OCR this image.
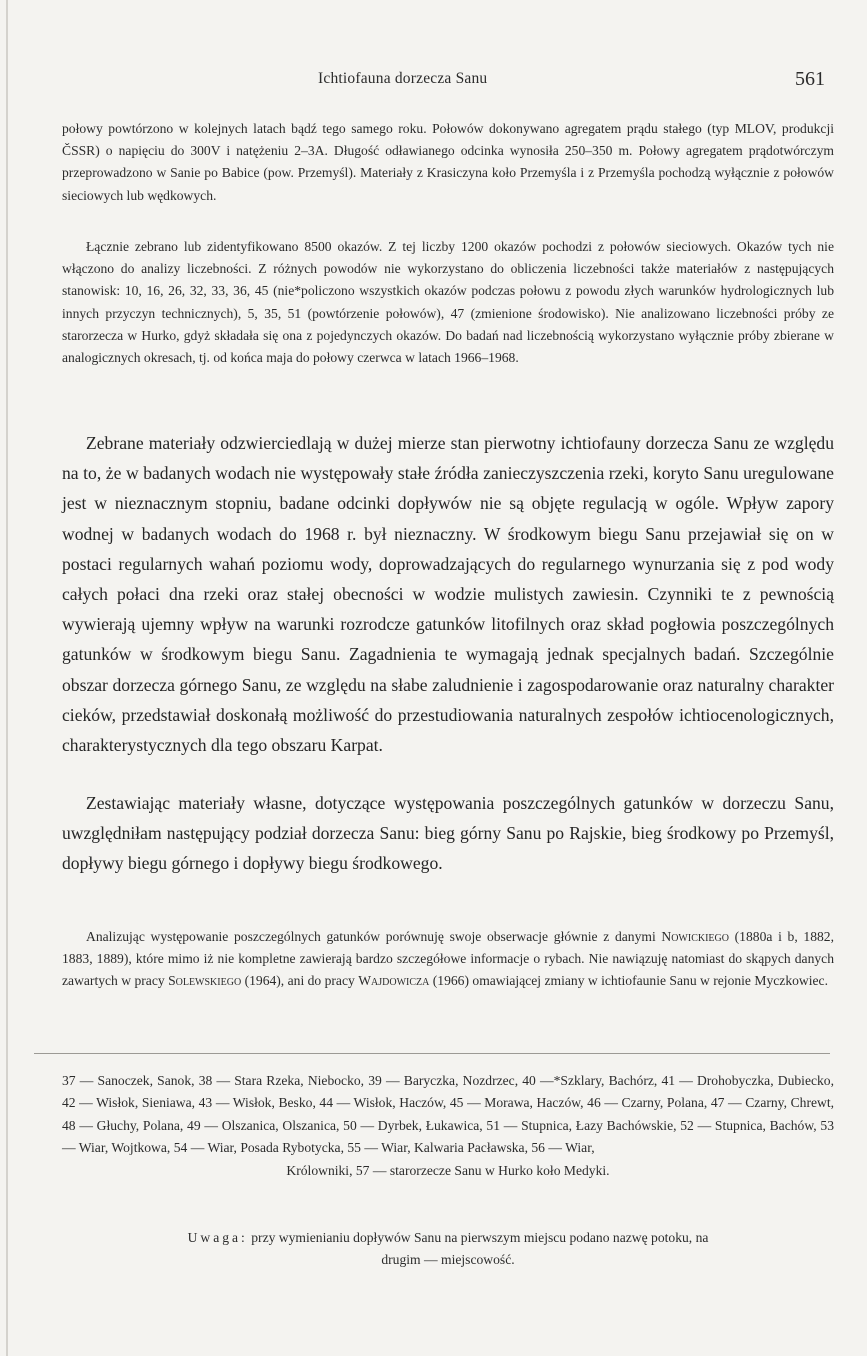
Ichtiofauna dorzecza Sanu	561

połowy powtórzono w kolejnych latach bądź tego samego roku. Połowów dokonywano agregatem prądu stałego (typ MLOV, produkcji ČSSR) o napięciu do 300V i natężeniu 2–3A. Długość odławianego odcinka wynosiła 250–350 m. Połowy agregatem prądotwórczym przeprowadzono w Sanie po Babice (pow. Przemyśl). Materiały z Krasiczyna koło Przemyśla i z Przemyśla pochodzą wyłącznie z połowów sieciowych lub wędkowych.

Łącznie zebrano lub zidentyfikowano 8500 okazów. Z tej liczby 1200 okazów pochodzi z połowów sieciowych. Okazów tych nie włączono do analizy liczebności. Z różnych powodów nie wykorzystano do obliczenia liczebności także materiałów z następujących stanowisk: 10, 16, 26, 32, 33, 36, 45 (nie*policzono wszystkich okazów podczas połowu z powodu złych warunków hydrologicznych lub innych przyczyn technicznych), 5, 35, 51 (powtórzenie połowów), 47 (zmienione środowisko). Nie analizowano liczebności próby ze starorzecza w Hurko, gdyż składała się ona z pojedynczych okazów. Do badań nad liczebnością wykorzystano wyłącznie próby zbierane w analogicznych okresach, tj. od końca maja do połowy czerwca w latach 1966–1968.

Zebrane materiały odzwierciedlają w dużej mierze stan pierwotny ichtiofauny dorzecza Sanu ze względu na to, że w badanych wodach nie występowały stałe źródła zanieczyszczenia rzeki, koryto Sanu uregulowane jest w nieznacznym stopniu, badane odcinki dopływów nie są objęte regulacją w ogóle. Wpływ zapory wodnej w badanych wodach do 1968 r. był nieznaczny. W środkowym biegu Sanu przejawiał się on w postaci regularnych wahań poziomu wody, doprowadzających do regularnego wynurzania się z pod wody całych połaci dna rzeki oraz stałej obecności w wodzie mulistych zawiesin. Czynniki te z pewnością wywierają ujemny wpływ na warunki rozrodcze gatunków litofilnych oraz skład pogłowia poszczególnych gatunków w środkowym biegu Sanu. Zagadnienia te wymagają jednak specjalnych badań. Szczególnie obszar dorzecza górnego Sanu, ze względu na słabe zaludnienie i zagospodarowanie oraz naturalny charakter cieków, przedstawiał doskonałą możliwość do przestudiowania naturalnych zespołów ichtiocenologicznych, charakterystycznych dla tego obszaru Karpat.

Zestawiając materiały własne, dotyczące występowania poszczególnych gatunków w dorzeczu Sanu, uwzględniłam następujący podział dorzecza Sanu: bieg górny Sanu po Rajskie, bieg środkowy po Przemyśl, dopływy biegu górnego i dopływy biegu środkowego.

Analizując występowanie poszczególnych gatunków porównuję swoje obserwacje głównie z danymi Nowickiego (1880a i b, 1882, 1883, 1889), które mimo iż nie kompletne zawierają bardzo szczegółowe informacje o rybach. Nie nawiązuję natomiast do skąpych danych zawartych w pracy Solewskiego (1964), ani do pracy Wajdowicza (1966) omawiającej zmiany w ichtiofaunie Sanu w rejonie Myczkowiec.

37 — Sanoczek, Sanok, 38 — Stara Rzeka, Niebocko, 39 — Baryczka, Nozdrzec, 40 —*Szklary, Bachórz, 41 — Drohobyczka, Dubiecko, 42 — Wisłok, Sieniawa, 43 — Wisłok, Besko, 44 — Wisłok, Haczów, 45 — Morawa, Haczów, 46 — Czarny, Polana, 47 — Czarny, Chrewt, 48 — Głuchy, Polana, 49 — Olszanica, Olszanica, 50 — Dyrbek, Łukawica, 51 — Stupnica, Łazy Bachówskie, 52 — Stupnica, Bachów, 53 — Wiar, Wojtkowa, 54 — Wiar, Posada Rybotycka, 55 — Wiar, Kalwaria Pacławska, 56 — Wiar,
Królowniki, 57 — starorzecze Sanu w Hurko koło Medyki.

Uwaga: przy wymienianiu dopływów Sanu na pierwszym miejscu podano nazwę potoku, na
drugim — miejscowość.
